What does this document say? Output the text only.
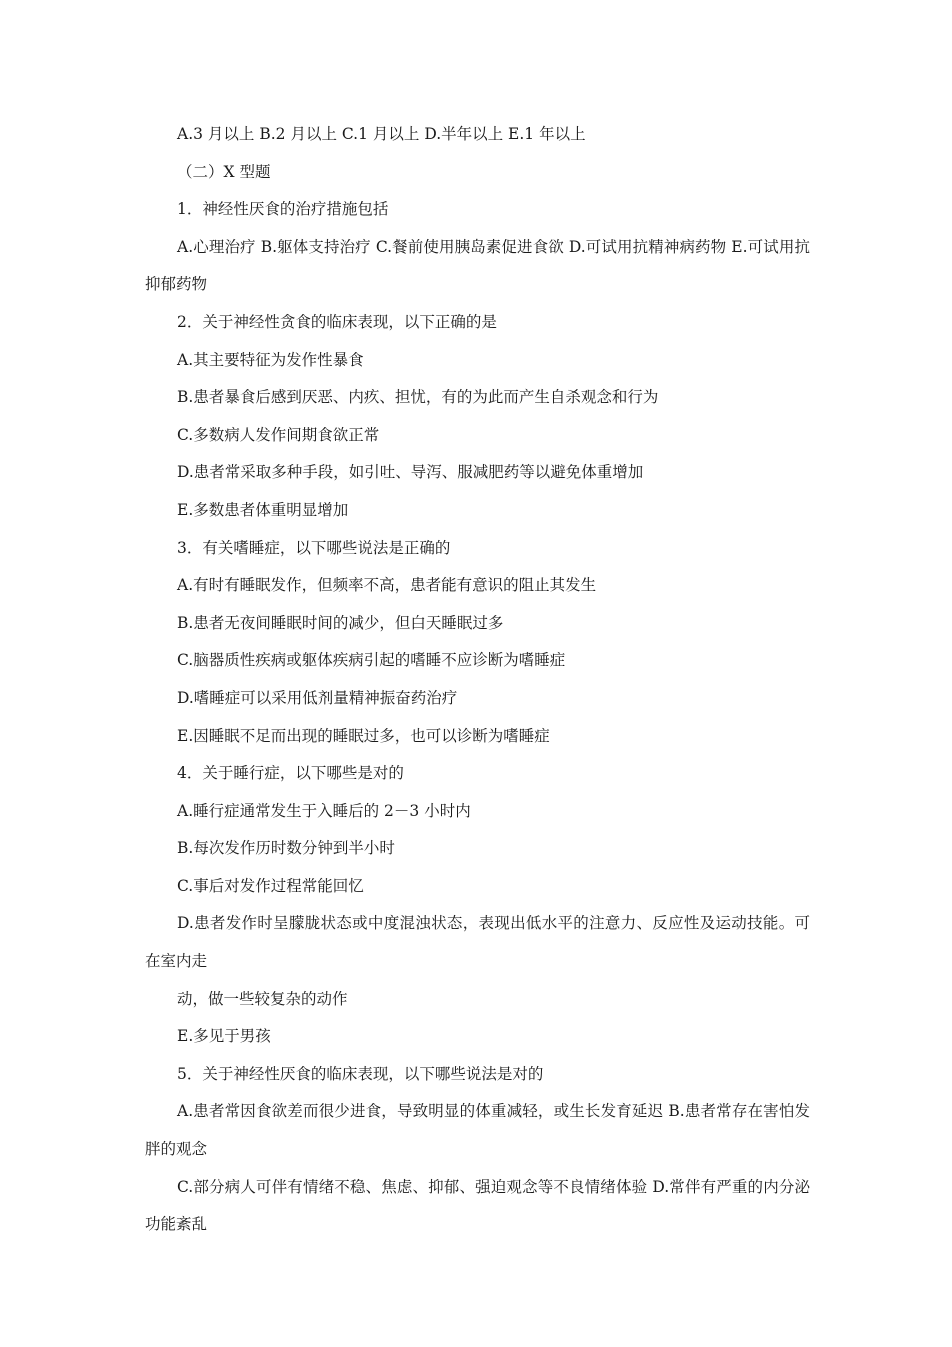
A.3 月以上 B.2 月以上 C.1 月以上 D.半年以上 E.1 年以上

（二）X 型题

1．神经性厌食的治疗措施包括

A.心理治疗 B.躯体支持治疗 C.餐前使用胰岛素促进食欲 D.可试用抗精神病药物 E.可试用抗抑郁药物

2．关于神经性贪食的临床表现，以下正确的是

A.其主要特征为发作性暴食

B.患者暴食后感到厌恶、内疚、担忧，有的为此而产生自杀观念和行为

C.多数病人发作间期食欲正常

D.患者常采取多种手段，如引吐、导泻、服减肥药等以避免体重增加

E.多数患者体重明显增加

3．有关嗜睡症，以下哪些说法是正确的

A.有时有睡眠发作，但频率不高，患者能有意识的阻止其发生

B.患者无夜间睡眠时间的减少，但白天睡眠过多

C.脑器质性疾病或躯体疾病引起的嗜睡不应诊断为嗜睡症

D.嗜睡症可以采用低剂量精神振奋药治疗

E.因睡眠不足而出现的睡眠过多，也可以诊断为嗜睡症

4．关于睡行症，以下哪些是对的

A.睡行症通常发生于入睡后的 2－3 小时内

B.每次发作历时数分钟到半小时

C.事后对发作过程常能回忆

D.患者发作时呈朦胧状态或中度混浊状态，表现出低水平的注意力、反应性及运动技能。可在室内走

动，做一些较复杂的动作

E.多见于男孩

5．关于神经性厌食的临床表现，以下哪些说法是对的

A.患者常因食欲差而很少进食，导致明显的体重减轻，或生长发育延迟 B.患者常存在害怕发胖的观念

C.部分病人可伴有情绪不稳、焦虑、抑郁、强迫观念等不良情绪体验 D.常伴有严重的内分泌功能紊乱
